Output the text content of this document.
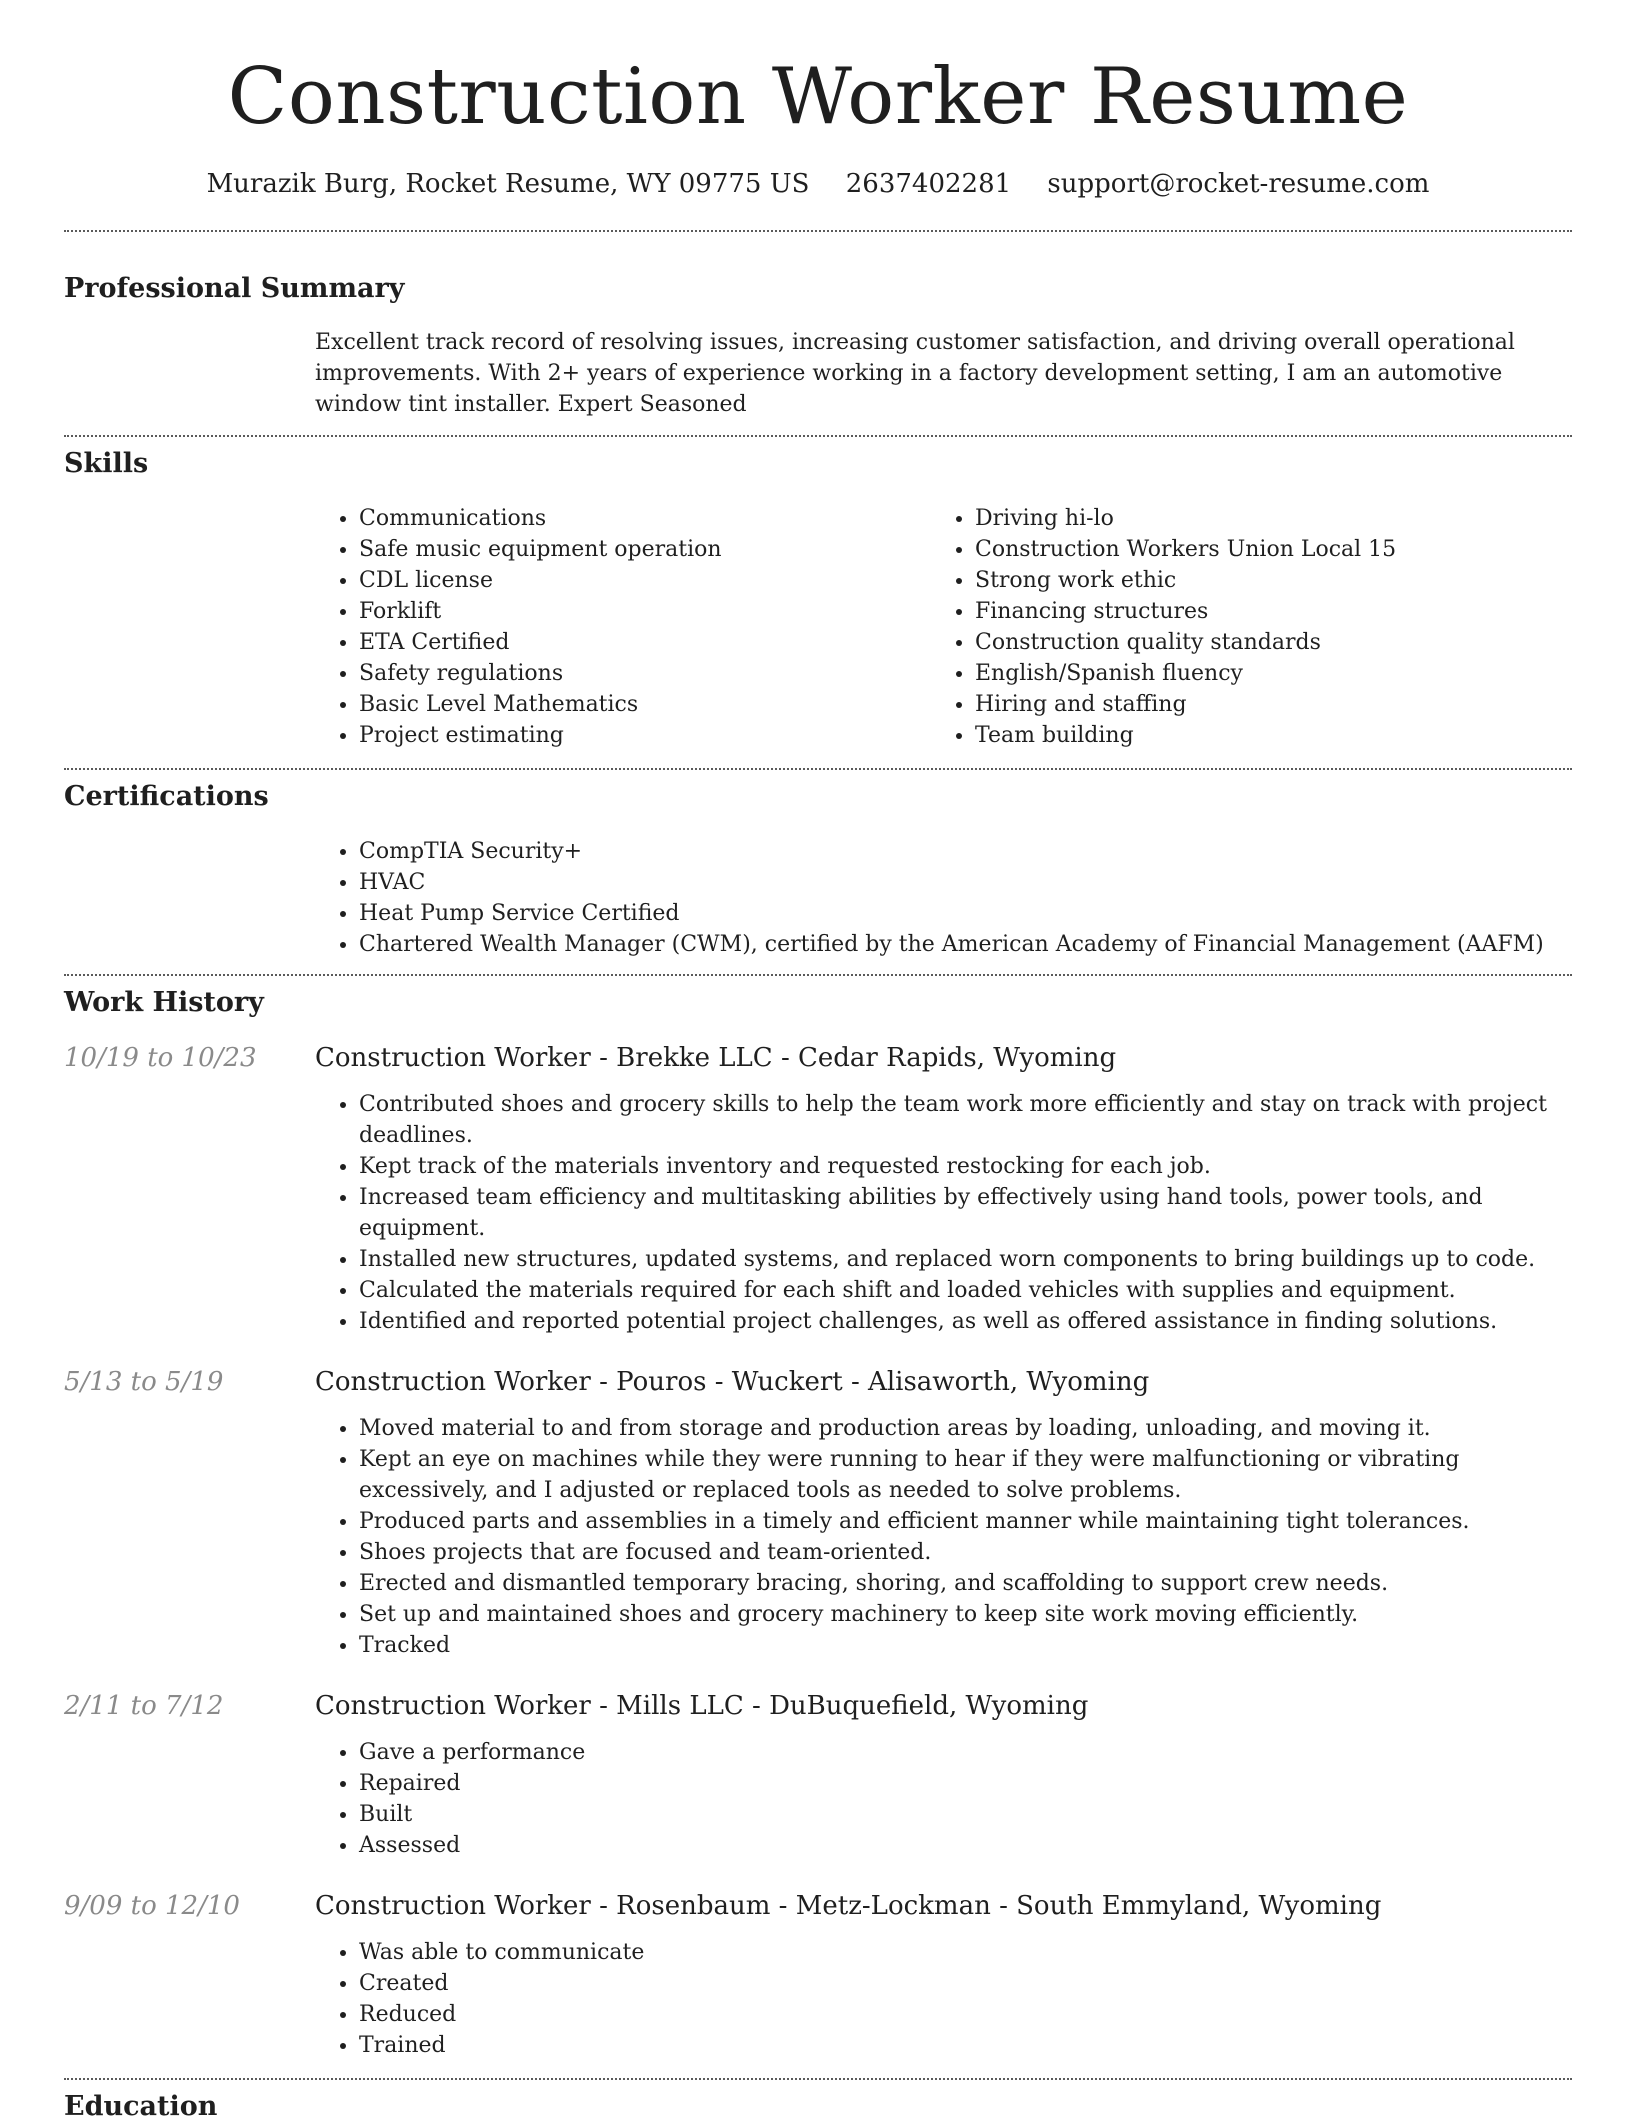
Construction Worker Resume
Murazik Burg, Rocket Resume, WY 09775 US 2637402281 support@rocket-resume.com
Professional Summary
Excellent track record of resolving issues, increasing customer satisfaction, and driving overall operational improvements. With 2+ years of experience working in a factory development setting, I am an automotive window tint installer. Expert Seasoned
Skills
• Communications
• Safe music equipment operation
• CDL license
• Forklift
• ETA Certified
• Safety regulations
• Basic Level Mathematics
• Project estimating
• Driving hi-lo
• Construction Workers Union Local 15
• Strong work ethic
• Financing structures
• Construction quality standards
• English/Spanish fluency
• Hiring and staffing
• Team building
Certifications
• CompTIA Security+
• HVAC
• Heat Pump Service Certified
• Chartered Wealth Manager (CWM), certified by the American Academy of Financial Management (AAFM)
Work History
10/19 to 10/23	Construction Worker - Brekke LLC - Cedar Rapids, Wyoming
• Contributed shoes and grocery skills to help the team work more efficiently and stay on track with project deadlines.
• Kept track of the materials inventory and requested restocking for each job.
• Increased team efficiency and multitasking abilities by effectively using hand tools, power tools, and equipment.
• Installed new structures, updated systems, and replaced worn components to bring buildings up to code.
• Calculated the materials required for each shift and loaded vehicles with supplies and equipment.
• Identified and reported potential project challenges, as well as offered assistance in finding solutions.
5/13 to 5/19	Construction Worker - Pouros - Wuckert - Alisaworth, Wyoming
• Moved material to and from storage and production areas by loading, unloading, and moving it.
• Kept an eye on machines while they were running to hear if they were malfunctioning or vibrating excessively, and I adjusted or replaced tools as needed to solve problems.
• Produced parts and assemblies in a timely and efficient manner while maintaining tight tolerances.
• Shoes projects that are focused and team-oriented.
• Erected and dismantled temporary bracing, shoring, and scaffolding to support crew needs.
• Set up and maintained shoes and grocery machinery to keep site work moving efficiently.
• Tracked
2/11 to 7/12	Construction Worker - Mills LLC - DuBuquefield, Wyoming
• Gave a performance
• Repaired
• Built
• Assessed
9/09 to 12/10	Construction Worker - Rosenbaum - Metz-Lockman - South Emmyland, Wyoming
• Was able to communicate
• Created
• Reduced
• Trained
Education
